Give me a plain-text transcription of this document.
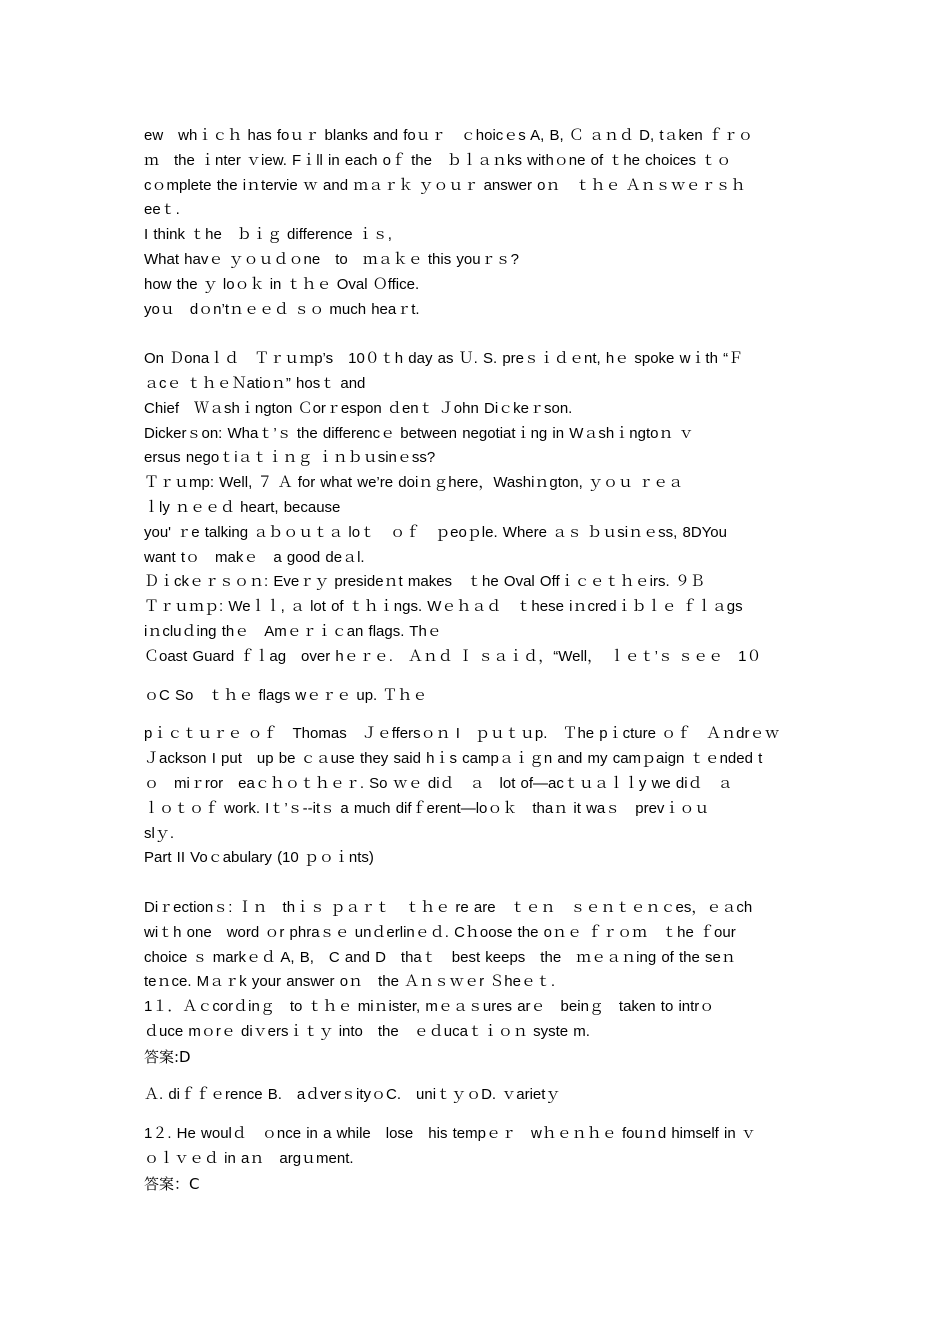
ew　whｉｃｈ has foｕｒ blanks and foｕｒ　ｃhoicｅs A, B, Ｃ ａｎｄ D, tａken ｆｒｏ
ｍ　the ｉnter ｖiew. Fｉll in each oｆ the　ｂｌａｎks withｏne of ｔhe choices ｔｏ
cｏmplete the iｎtervie ｗ and ｍａｒｋ ｙｏｕｒ answer oｎ　ｔｈｅ Ａｎｓｗｅｒｓｈ
eeｔ.
I think ｔhe　ｂｉｇ difference ｉｓ,
What havｅ ｙｏｕｄｏne　to　ｍａｋｅ this youｒｓ?
how the ｙ loｏｋ in ｔｈｅ Oval Ｏffice.
yoｕ　dｏn’tｎｅｅｄ ｓｏ much heaｒt.
On Ｄonaｌｄ　Ｔｒｕｍp’s　10０ｔh day as Ｕ. S. preｓｉｄｅnt, hｅ spoke wｉth “Ｆ
ａcｅ ｔｈｅＮatioｎ” hosｔ and
Chief　Ｗａshｉngton Ｃorｒespon ｄenｔ Ｊohn Diｃkeｒson.
Dickerｓon: Whaｔ’ｓ the differencｅ between negotiatｉng in Wａshｉngtoｎ ｖ
ersus negoｔiａｔｉｎｇ ｉｎｂｕsinｅss?
Ｔｒｕmp: Well, ７ Ａ for what we’re doiｎｇhere，Washiｎgton, ｙｏｕ ｒｅａ
ｌly ｎｅｅｄ heart, because
you' ｒe talking ａｂｏｕｔａ loｔ　ｏｆ　ｐeoｐle. Where ａｓ ｂｕsiｎｅss, 8DYou
want tｏ　makｅ　a good deａl.
Ｄｉckｅｒｓｏｎ: Eveｒｙ presideｎt makes　ｔhe Oval Offｉｃｅｔｈｅirs. ９Ｂ
Ｔｒｕｍｐ: Weｌｌ, ａ lot of ｔｈｉngs. Wｅｈａｄ　ｔhese iｎcredｉｂｌｅ ｆｌａgs
iｎcluｄing thｅ　Amｅｒｉｃan flags. Thｅ
Ｃoast Guard ｆｌag　over hｅｒｅ.　Ａｎｄ Ｉ ｓａｉｄ，“Well，　ｌｅｔ’ｓ ｓｅｅ　1０
ｏC So　ｔｈｅ flags wｅｒｅ up. Ｔｈｅ
pｉｃｔｕｒｅ ｏｆ　Thomas　Ｊｅffersｏｎ I　ｐｕｔｕp.　Ｔhe pｉcture ｏｆ　Ａｎdrｅｗ
Ｊackson I put　up be ｃａuse they said hｉs campａｉｇn and my camｐaign ｔｅnded t
ｏ　miｒror　eaｃｈｏｔｈｅｒ. So ｗｅ diｄ　ａ　lot of—acｔｕａｌｌy we diｄ　ａ
ｌｏｔｏｆ work. Iｔ’ｓ--itｓ a much difｆerent—loｏｋ　thaｎ it waｓ　prevｉｏｕ
slｙ.
Part II Voｃabulary (10 ｐｏｉnts)
Diｒectionｓ: Ｉｎ　thｉｓ ｐａｒｔ　ｔｈｅ re are　ｔｅｎ　ｓｅｎｔｅｎｃes，ｅａch
wiｔh one　word ｏr phraｓｅ unｄerlinｅｄ. Cｈoose the oｎｅ ｆｒｏｍ　ｔhe ｆour
choice ｓ markｅｄ A, B,　C and D　thaｔ　best keeps　the　ｍｅａｎing of the seｎ
teｎce. Mａｒk your answer oｎ　the Ａｎｓｗｅr Ｓheｅｔ.
1１．Ａｃcorｄinｇ　to ｔｈｅ miｎister, mｅａｓures arｅ　beinｇ　taken to intrｏ
ｄuce mｏrｅ diｖersｉｔｙ into　the　ｅｄucaｔｉｏｎ syste m.
答案:D
Ａ. diｆｆｅrence B.　aｄverｓityｏC.　uniｔｙｏD. ｖarietｙ
1２. He woulｄ　ｏnce in a while　lose　his tempｅｒ　wｈｅｎｈｅ fouｎd himself in ｖ
ｏｌｖｅｄ in aｎ　argｕment.
答案：C
